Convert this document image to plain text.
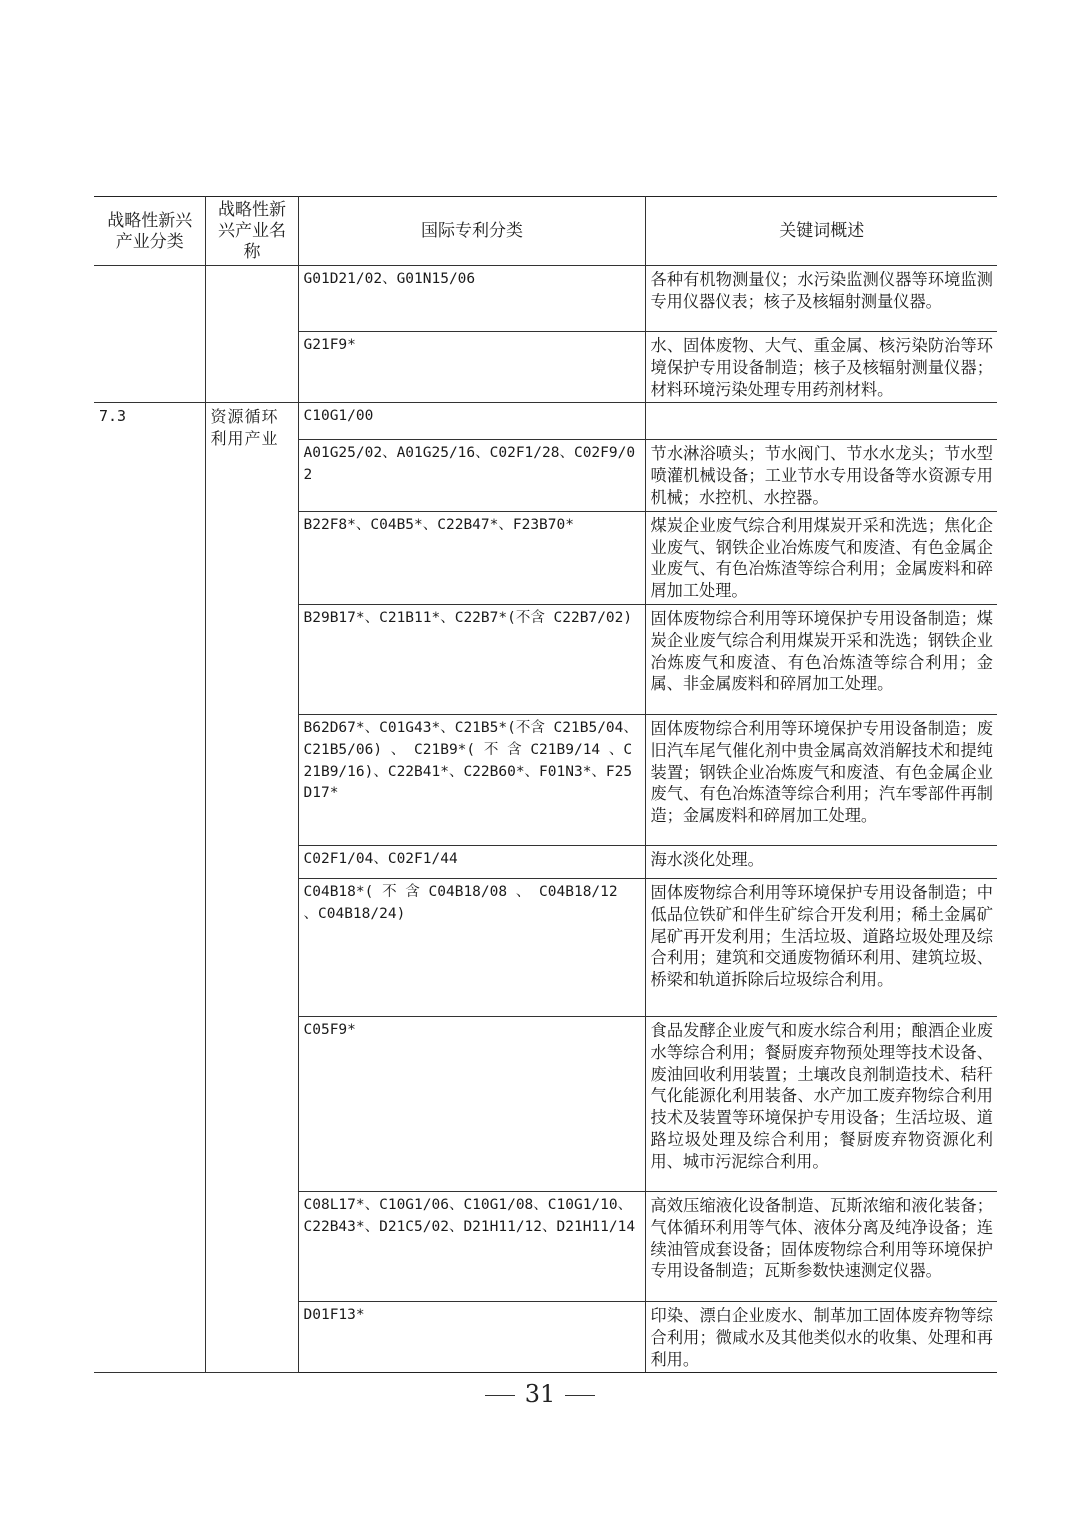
战略性新兴产业分类	战略性新兴产业名称	国际专利分类	关键词概述
		G01D21/02、G01N15/06	各种有机物测量仪；水污染监测仪器等环境监测专用仪器仪表；核子及核辐射测量仪器。
		G21F9*	水、固体废物、大气、重金属、核污染防治等环境保护专用设备制造；核子及核辐射测量仪器；材料环境污染处理专用药剂材料。
7.3	资源循环利用产业	C10G1/00	
		A01G25/02、A01G25/16、C02F1/28、C02F9/02	节水淋浴喷头；节水阀门、节水水龙头；节水型喷灌机械设备；工业节水专用设备等水资源专用机械；水控机、水控器。
		B22F8*、C04B5*、C22B47*、F23B70*	煤炭企业废气综合利用煤炭开采和洗选；焦化企业废气、钢铁企业冶炼废气和废渣、有色金属企业废气、有色冶炼渣等综合利用；金属废料和碎屑加工处理。
		B29B17*、C21B11*、C22B7*(不含 C22B7/02)	固体废物综合利用等环境保护专用设备制造；煤炭企业废气综合利用煤炭开采和洗选；钢铁企业冶炼废气和废渣、有色冶炼渣等综合利用；金属、非金属废料和碎屑加工处理。
		B62D67*、C01G43*、C21B5*(不含 C21B5/04、C21B5/06) 、 C21B9*( 不 含 C21B9/14 、C21B9/16)、C22B41*、C22B60*、F01N3*、F25D17*	固体废物综合利用等环境保护专用设备制造；废旧汽车尾气催化剂中贵金属高效消解技术和提纯装置；钢铁企业冶炼废气和废渣、有色金属企业废气、有色冶炼渣等综合利用；汽车零部件再制造；金属废料和碎屑加工处理。
		C02F1/04、C02F1/44	海水淡化处理。
		C04B18*( 不 含 C04B18/08 、 C04B18/12 、C04B18/24)	固体废物综合利用等环境保护专用设备制造；中低品位铁矿和伴生矿综合开发利用；稀土金属矿尾矿再开发利用；生活垃圾、道路垃圾处理及综合利用；建筑和交通废物循环利用、建筑垃圾、桥梁和轨道拆除后垃圾综合利用。
		C05F9*	食品发酵企业废气和废水综合利用；酿酒企业废水等综合利用；餐厨废弃物预处理等技术设备、废油回收利用装置；土壤改良剂制造技术、秸秆气化能源化利用装备、水产加工废弃物综合利用技术及装置等环境保护专用设备；生活垃圾、道路垃圾处理及综合利用；餐厨废弃物资源化利用、城市污泥综合利用。
		C08L17*、C10G1/06、C10G1/08、C10G1/10、C22B43*、D21C5/02、D21H11/12、D21H11/14	高效压缩液化设备制造、瓦斯浓缩和液化装备；气体循环利用等气体、液体分离及纯净设备；连续油管成套设备；固体废物综合利用等环境保护专用设备制造；瓦斯参数快速测定仪器。
		D01F13*	印染、漂白企业废水、制革加工固体废弃物等综合利用；微咸水及其他类似水的收集、处理和再利用。
31
